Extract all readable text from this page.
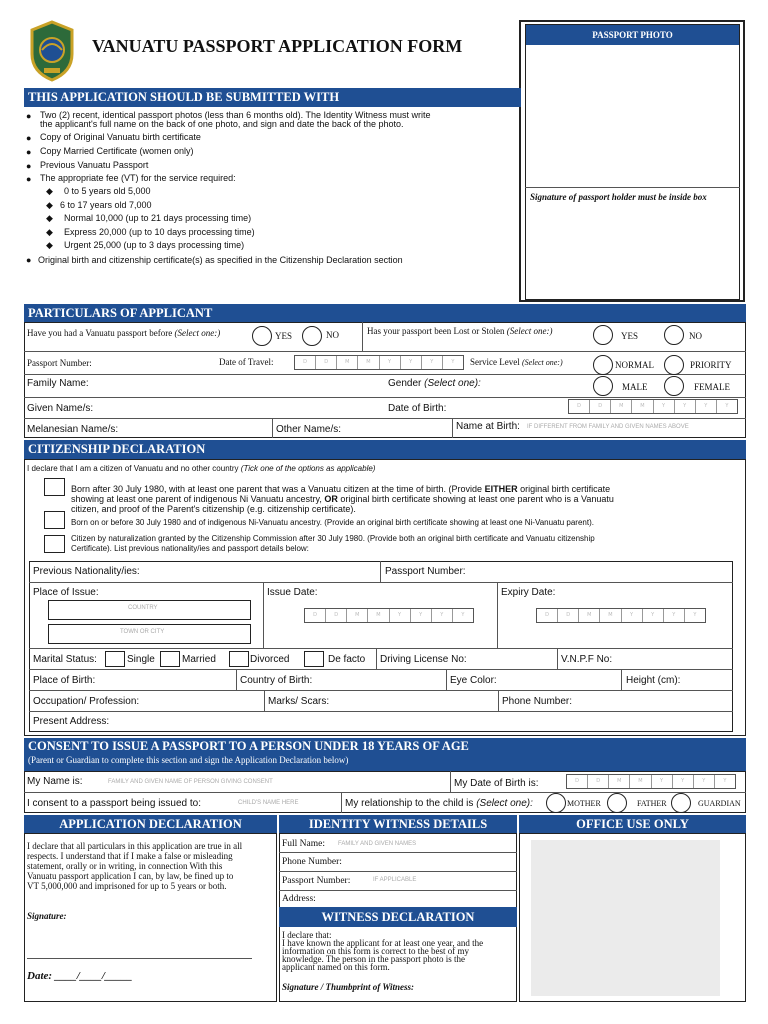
VANUATU PASSPORT APPLICATION FORM
PASSPORT PHOTO
Signature of passport holder must be inside box
THIS APPLICATION SHOULD BE SUBMITTED WITH
● Two (2) recent, identical passport photos (less than 6 months old). The Identity Witness must write
the applicant's full name on the back of one photo, and sign and date the back of the photo.
● Copy of Original Vanuatu birth certificate
● Copy Married Certificate (women only)
● Previous Vanuatu Passport
● The appropriate fee (VT) for the service required:
◆ 0 to 5 years old 5,000
◆ 6 to 17 years old 7,000
◆ Normal 10,000 (up to 21 days processing time)
◆ Express 20,000 (up to 10 days processing time)
◆ Urgent 25,000 (up to 3 days processing time)
● Original birth and citizenship certificate(s) as specified in the Citizenship Declaration section
PARTICULARS OF APPLICANT
Have you had a Vanuatu passport before (Select one:)	YES	NO	Has your passport been Lost or Stolen (Select one:)	YES	NO
Passport Number:	Date of Travel:	D	D	M	M	Y	Y	Y	Y	Service Level (Select one:)	NORMAL	PRIORITY
Family Name:	Gender (Select one):	MALE	FEMALE
Given Name/s:	Date of Birth:	D	D	M	M	Y	Y	Y	Y
Melanesian Name/s:	Other Name/s:	Name at Birth: IF DIFFERENT FROM FAMILY AND GIVEN NAMES ABOVE
CITIZENSHIP DECLARATION
I declare that I am a citizen of Vanuatu and no other country (Tick one of the options as applicable)
Born after 30 July 1980, with at least one parent that was a Vanuatu citizen at the time of birth. (Provide EITHER original birth certificate
showing at least one parent of indigenous Ni Vanuatu ancestry, OR original birth certificate showing at least one parent who is a Vanuatu
citizen, and proof of the Parent's citizenship (e.g. citizenship certificate).
Born on or before 30 July 1980 and of indigenous Ni-Vanuatu ancestry. (Provide an original birth certificate showing at least one Ni-Vanuatu parent).
Citizen by naturalization granted by the Citizenship Commission after 30 July 1980. (Provide both an original birth certificate and Vanuatu citizenship
Certificate). List previous nationality/ies and passport details below:
Previous Nationality/ies:	Passport Number:
Place of Issue:
COUNTRY
TOWN OR CITY
Issue Date:
D	D	M	M	Y	Y	Y	Y
Expiry Date:
D	D	M	M	Y	Y	Y	Y
Marital Status:	Single	Married	Divorced	De facto Driving License No:	V.N.P.F No:
Place of Birth:	Country of Birth:	Eye Color:	Height (cm):
Occupation/ Profession:	Marks/ Scars:	Phone Number:
Present Address:
CONSENT TO ISSUE A PASSPORT TO A PERSON UNDER 18 YEARS OF AGE
(Parent or Guardian to complete this section and sign the Application Declaration below)
My Name is:	FAMILY AND GIVEN NAME OF PERSON GIVING CONSENT	My Date of Birth is:	D	D	M	M	Y	Y	Y	Y
I consent to a passport being issued to:	CHILD'S NAME HERE	My relationship to the child is (Select one):	MOTHER	FATHER	GUARDIAN
APPLICATION DECLARATION
I declare that all particulars in this application are true in all
respects. I understand that if I make a false or misleading
statement, orally or in writing, in connection With this
Vanuatu passport application I can, by law, be fined up to
VT 5,000,000 and imprisoned for up to 5 years or both.
Signature:
Date: ____/____/_____
IDENTITY WITNESS DETAILS
Full Name: FAMILY AND GIVEN NAMES
Phone Number:
Passport Number:	IF APPLICABLE
Address:
WITNESS DECLARATION
I declare that:
I have known the applicant for at least one year, and the
information on this form is correct to the best of my
knowledge. The person in the passport photo is the
applicant named on this form.
Signature / Thumbprint of Witness:
OFFICE USE ONLY
